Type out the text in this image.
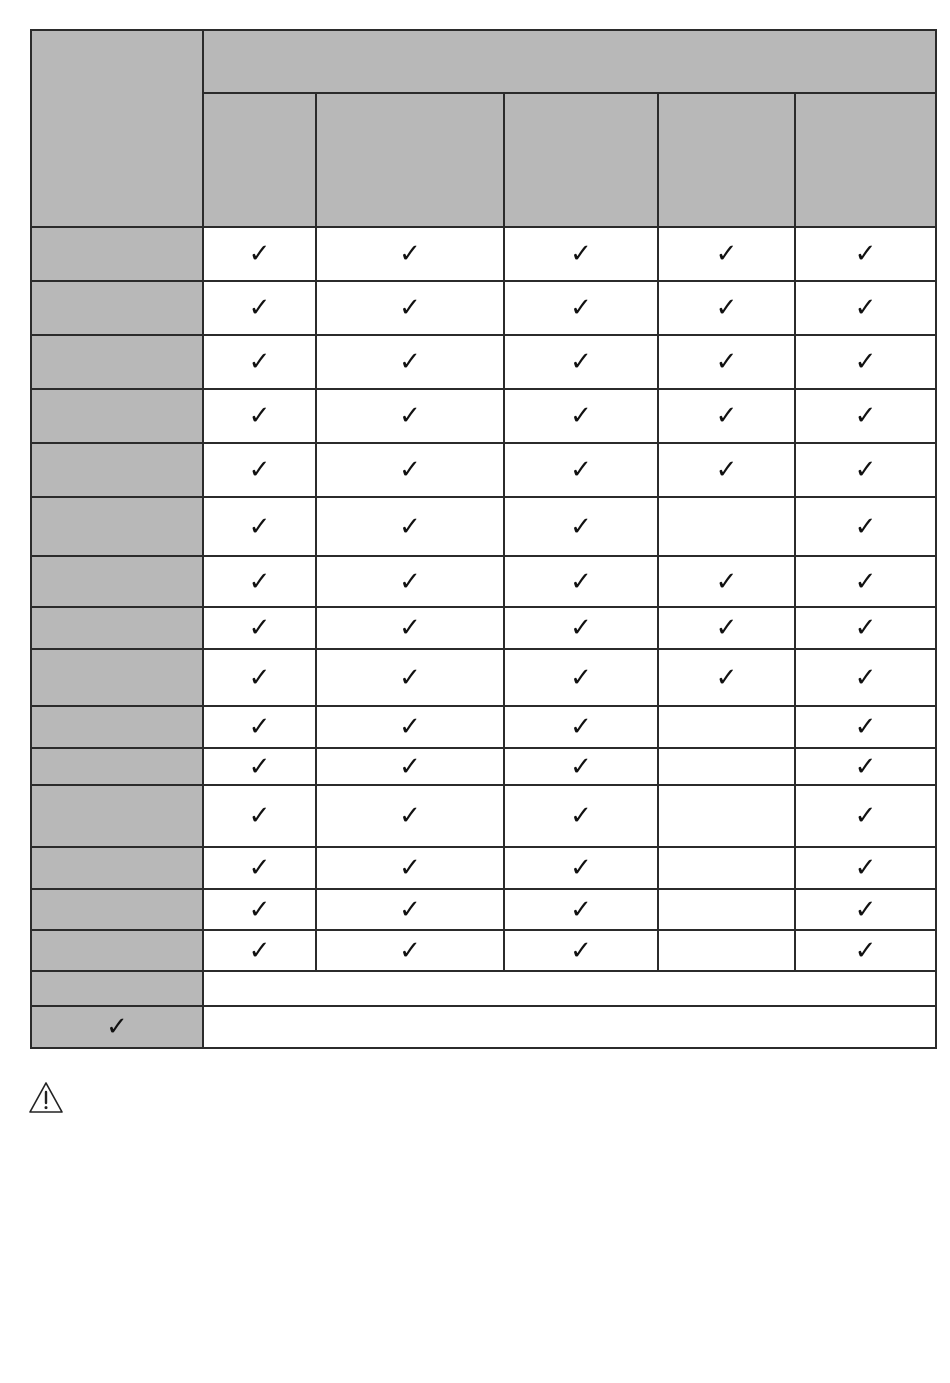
	✓	✓	✓	✓	✓
	✓	✓	✓	✓	✓
	✓	✓	✓	✓	✓
	✓	✓	✓	✓	✓
	✓	✓	✓	✓	✓
	✓	✓	✓		✓
	✓	✓	✓	✓	✓
	✓	✓	✓	✓	✓
	✓	✓	✓	✓	✓
	✓	✓	✓		✓
	✓	✓	✓		✓
	✓	✓	✓		✓
	✓	✓	✓		✓
	✓	✓	✓		✓
	✓	✓	✓		✓

✓					
